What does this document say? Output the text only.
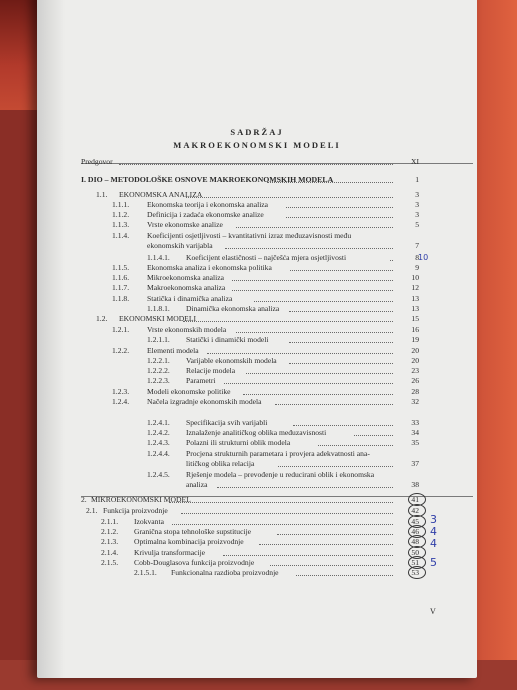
SADRŽAJ
MAKROEKONOMSKI MODELI
Predgovor	XI
I. DIO – METODOLOŠKE OSNOVE MAKROEKONOMSKIH MODELA	1
1.1. EKONOMSKA ANALIZA	3
1.1.1. Ekonomska teorija i ekonomska analiza	3
1.1.2. Definicija i zadaća ekonomske analize	3
1.1.3. Vrste ekonomske analize	5
1.1.4. Koeficijenti osjetljivosti – kvantitativni izraz međuzavisnosti među
ekonomskih varijabla	7
1.1.4.1. Koeficijent elastičnosti – najčešća mjera osjetljivosti	8
1.1.5. Ekonomska analiza i ekonomska politika	9
1.1.6. Mikroekonomska analiza	10
1.1.7. Makroekonomska analiza	12
1.1.8. Statička i dinamička analiza	13
1.1.8.1. Dinamička ekonomska analiza	13
1.2. EKONOMSKI MODELI	15
1.2.1. Vrste ekonomskih modela	16
1.2.1.1. Statički i dinamički modeli	19
1.2.2. Elementi modela	20
1.2.2.1. Varijable ekonomskih modela	20
1.2.2.2. Relacije modela	23
1.2.2.3. Parametri	26
1.2.3. Modeli ekonomske politike	28
1.2.4. Načela izgradnje ekonomskih modela	32
1.2.4.1. Specifikacija svih varijabli	33
1.2.4.2. Iznalaženje analitičkog oblika međuzavisnosti	34
1.2.4.3. Polazni ili strukturni oblik modela	35
1.2.4.4. Procjena strukturnih parametara i provjera adekvatnosti ana-
litičkog oblika relacija	37
1.2.4.5. Rješenje modela – prevođenje u reducirani oblik i ekonomska
analiza	38
2. MIKROEKONOMSKI MODEL	41
2.1. Funkcija proizvodnje	42
2.1.1. Izokvanta	45
2.1.2. Granična stopa tehnološke supstitucije	46
2.1.3. Optimalna kombinacija proizvodnje	48
2.1.4. Krivulja transformacije	50
2.1.5. Cobb-Douglasova funkcija proizvodnje	51
2.1.5.1. Funkcionalna razdioba proizvodnje	53
10
3
4
4
5
V
